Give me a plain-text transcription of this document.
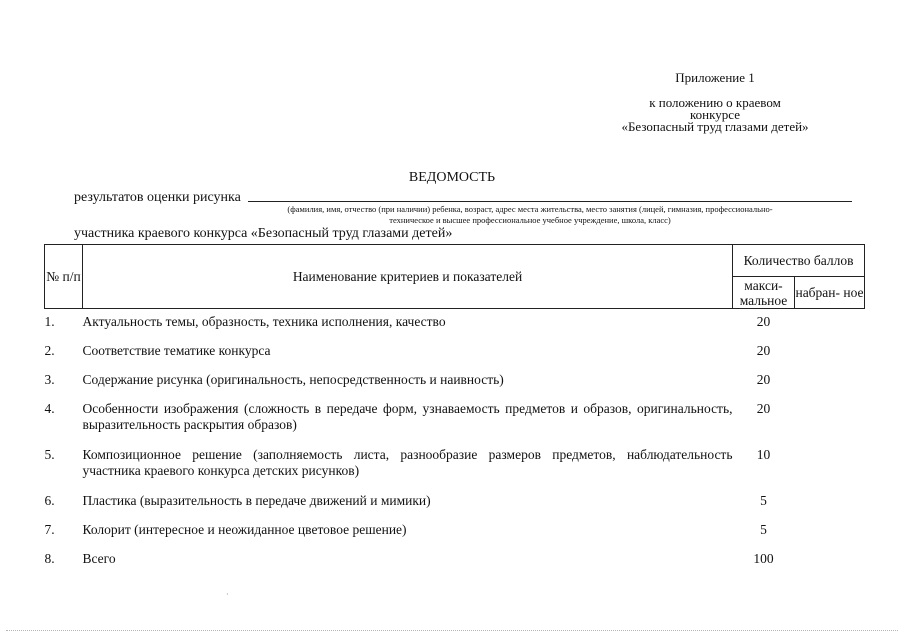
Приложение 1
к положению о краевом
конкурсе
«Безопасный труд глазами детей»
ВЕДОМОСТЬ
результатов оценки рисунка
(фамилия, имя, отчество (при наличии) ребенка, возраст, адрес места жительства, место занятия (лицей, гимназия, профессионально-
техническое и высшее профессиональное учебное учреждение, школа, класс)
участника краевого конкурса «Безопасный труд глазами детей»
№ п/п	Наименование критериев и показателей	Количество баллов	
		макси- мальное	набран- ное
1.	Актуальность темы, образность, техника исполнения, качество	20	
2.	Соответствие тематике конкурса	20	
3.	Содержание рисунка (оригинальность, непосредственность и наивность)	20	
4.	Особенности изображения (сложность в передаче форм, узнаваемость предметов и образов, оригинальность, выразительность раскрытия образов)	20	
5.	Композиционное решение (заполняемость листа, разнообразие размеров предметов, наблюдательность участника краевого конкурса детских рисунков)	10	
6.	Пластика (выразительность в передаче движений и мимики)	5	
7.	Колорит (интересное и неожиданное цветовое решение)	5	
8.	Всего	100	
·
